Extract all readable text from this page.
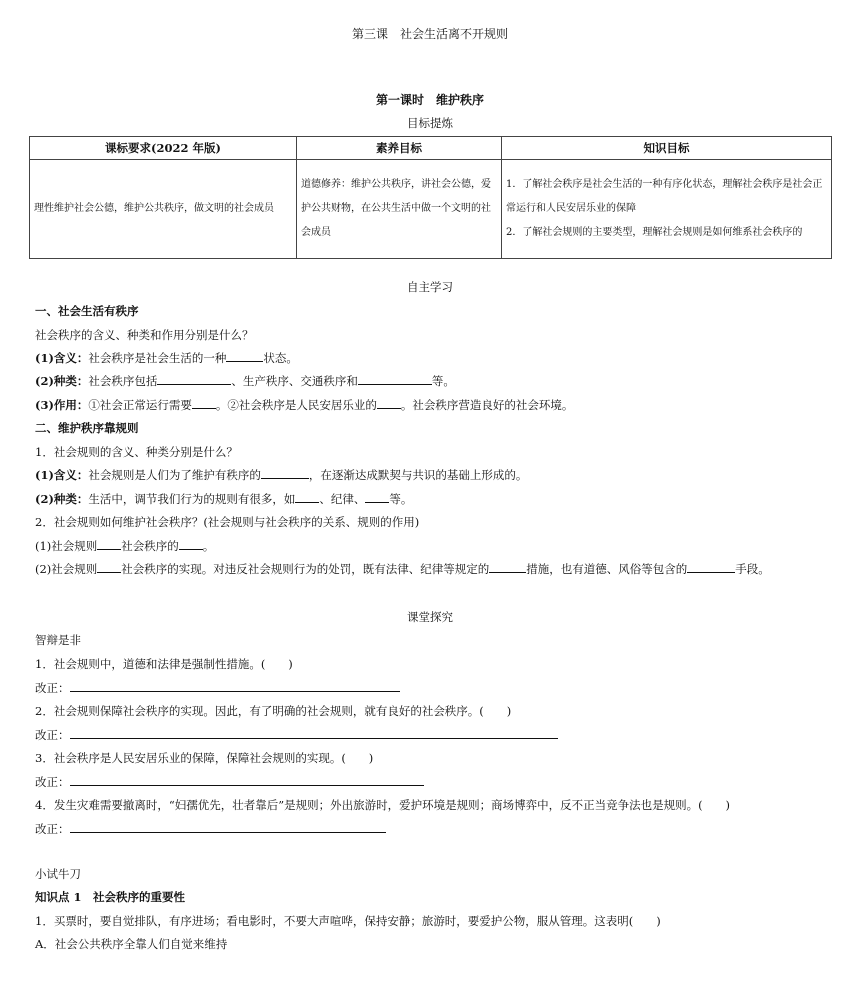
第三课　社会生活离不开规则
第一课时　维护秩序
目标提炼
课标要求(2022 年版)	素养目标	知识目标
理性维护社会公德，维护公共秩序，做文明的社会成员	道德修养：维护公共秩序，讲社会公德，爱护公共财物，在公共生活中做一个文明的社会成员	1．了解社会秩序是社会生活的一种有序化状态，理解社会秩序是社会正常运行和人民安居乐业的保障
2．了解社会规则的主要类型，理解社会规则是如何维系社会秩序的
自主学习
一、社会生活有秩序
社会秩序的含义、种类和作用分别是什么？
(1)含义：社会秩序是社会生活的一种	状态。
(2)种类：社会秩序包括	、生产秩序、交通秩序和	等。
(3)作用：①社会正常运行需要 。②社会秩序是人民安居乐业的 。社会秩序营造良好的社会环境。
二、维护秩序靠规则
1．社会规则的含义、种类分别是什么？
(1)含义：社会规则是人们为了维护有秩序的	，在逐渐达成默契与共识的基础上形成的。
(2)种类：生活中，调节我们行为的规则有很多，如 、纪律、 等。
2．社会规则如何维护社会秩序？(社会规则与社会秩序的关系、规则的作用)
(1)社会规则 社会秩序的 。
(2)社会规则 社会秩序的实现。对违反社会规则行为的处罚，既有法律、纪律等规定的	措施，也有道德、风俗等包含的	手段。
课堂探究
智辩是非
1．社会规则中，道德和法律是强制性措施。(　　)
改正：
2．社会规则保障社会秩序的实现。因此，有了明确的社会规则，就有良好的社会秩序。(　　)
改正：
3．社会秩序是人民安居乐业的保障，保障社会规则的实现。(　　)
改正：
4．发生灾难需要撤离时，“妇孺优先，壮者靠后”是规则；外出旅游时，爱护环境是规则；商场博弈中，反不正当竞争法也是规则。(　　)
改正：
小试牛刀
知识点 1　社会秩序的重要性
1．买票时，要自觉排队，有序进场；看电影时，不要大声喧哗，保持安静；旅游时，要爱护公物，服从管理。这表明(　　)
A．社会公共秩序全靠人们自觉来维持
